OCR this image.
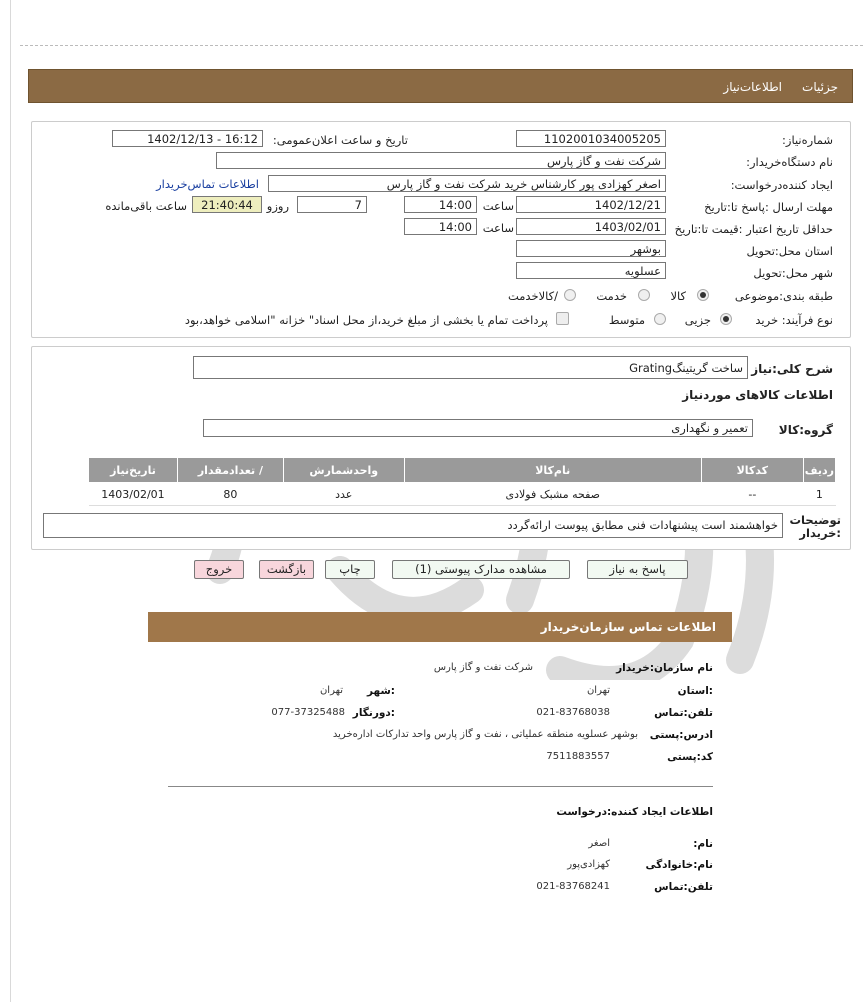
جزئیات
اطلاعات‌نیاز
شماره‌نیاز:
1102001034005205
تاریخ و ساعت اعلان‌عمومی:
1402/12/13 - 16:12
نام دستگاه‌خریدار:
شرکت نفت و گاز پارس
ایجاد کننده‌درخواست:
اصغر کهزادی پور کارشناس خرید شرکت نفت و گاز پارس
اطلاعات تماس‌خریدار
مهلت ارسال :پاسخ تا:تاریخ
1402/12/21
ساعت
14:00
7
روزو
21:40:44
ساعت باقی‌مانده
حداقل تاریخ اعتبار :قیمت تا:تاریخ
1403/02/01
ساعت
14:00
استان محل:تحویل
بوشهر
شهر محل:تحویل
عسلویه
طبقه بندی:موضوعی
کالا
خدمت
/کالاخدمت
نوع فرآیند: خرید
جزیی
متوسط
پرداخت تمام یا بخشی از مبلغ خرید،از محل اسناد" خزانه "اسلامی خواهد،بود
شرح کلی:نیاز
ساخت گریتینگGrating
اطلاعات کالاهای موردنیاز
گروه:کالا
تعمیر و نگهداری
ردیف	کدکالا	نام‌کالا	واحدشمارش	/ تعدادمقدار	تاریخ‌نیاز
1	--	صفحه مشبک فولادی	عدد	80	1403/02/01
توضیحات :خریدار
خواهشمند است پیشنهادات فنی مطابق پیوست ارائه‌گردد
پاسخ به نیاز
مشاهده مدارک پیوستی (1)
چاپ
بازگشت
خروج
اطلاعات تماس سازمان‌خریدار
نام سازمان:خریدار
شرکت نفت و گاز پارس
:استان
تهران
:شهر
تهران
تلفن:تماس
021-83768038
:دورنگار
077-37325488
ادرس:پستی
بوشهر عسلویه منطقه عملیاتی ، نفت و گاز پارس واحد تدارکات اداره‌خرید
کد:پستی
7511883557
اطلاعات ایجاد کننده:درخواست
نام:
اصغر
نام:خانوادگی
کهزادی‌پور
تلفن:تماس
021-83768241
